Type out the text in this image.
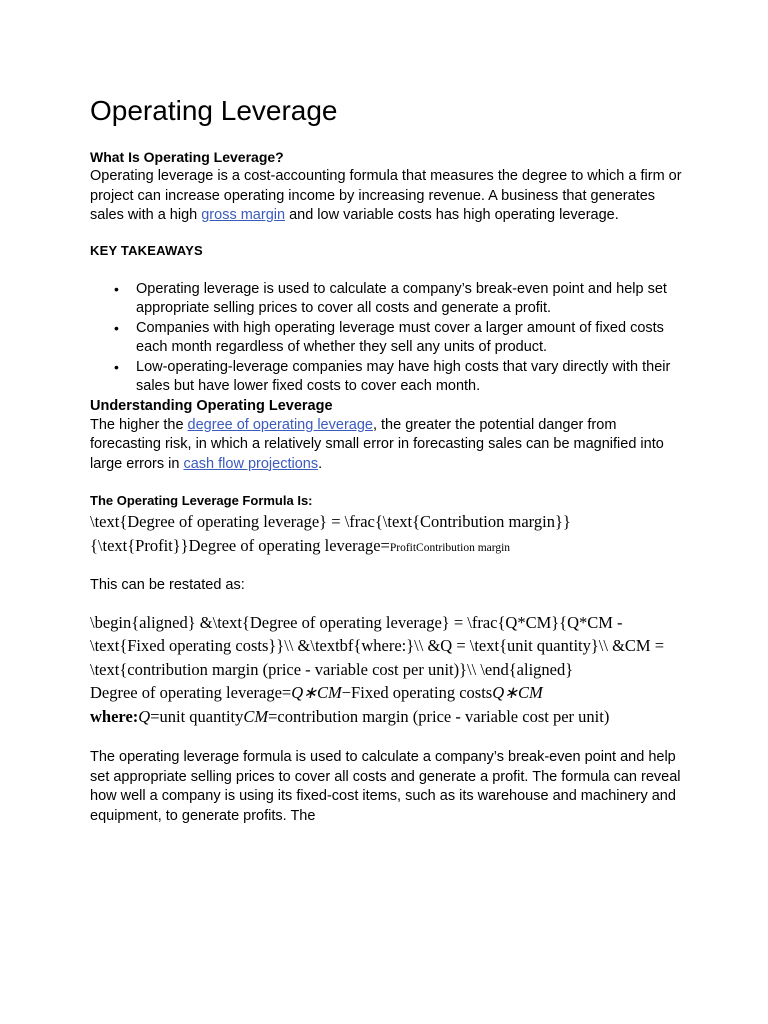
Operating Leverage
What Is Operating Leverage?

Operating leverage is a cost-accounting formula that measures the degree to which a firm or project can increase operating income by increasing revenue. A business that generates sales with a high gross margin and low variable costs has high operating leverage.

KEY TAKEAWAYS
• Operating leverage is used to calculate a company’s break-even point and help set appropriate selling prices to cover all costs and generate a profit.
• Companies with high operating leverage must cover a larger amount of fixed costs each month regardless of whether they sell any units of product.
• Low-operating-leverage companies may have high costs that vary directly with their sales but have lower fixed costs to cover each month.
Understanding Operating Leverage

The higher the degree of operating leverage, the greater the potential danger from forecasting risk, in which a relatively small error in forecasting sales can be magnified into large errors in cash flow projections.

The Operating Leverage Formula Is:
\text{Degree of operating leverage} = \frac{\text{Contribution margin}}{\text{Profit}}Degree of operating leverage=ProfitContribution margin
This can be restated as:
\begin{aligned} &\text{Degree of operating leverage} = \frac{Q*CM}{Q*CM - \text{Fixed operating costs}}\\ &\textbf{where:}\\ &Q = \text{unit quantity}\\ &CM = \text{contribution margin (price - variable cost per unit)}\\ \end{aligned}
Degree of operating leverage=Q∗CM−Fixed operating costsQ∗CM
where:Q=unit quantityCM=contribution margin (price - variable cost per unit)

The operating leverage formula is used to calculate a company’s break-even point and help set appropriate selling prices to cover all costs and generate a profit. The formula can reveal how well a company is using its fixed-cost items, such as its warehouse and machinery and equipment, to generate profits. The
